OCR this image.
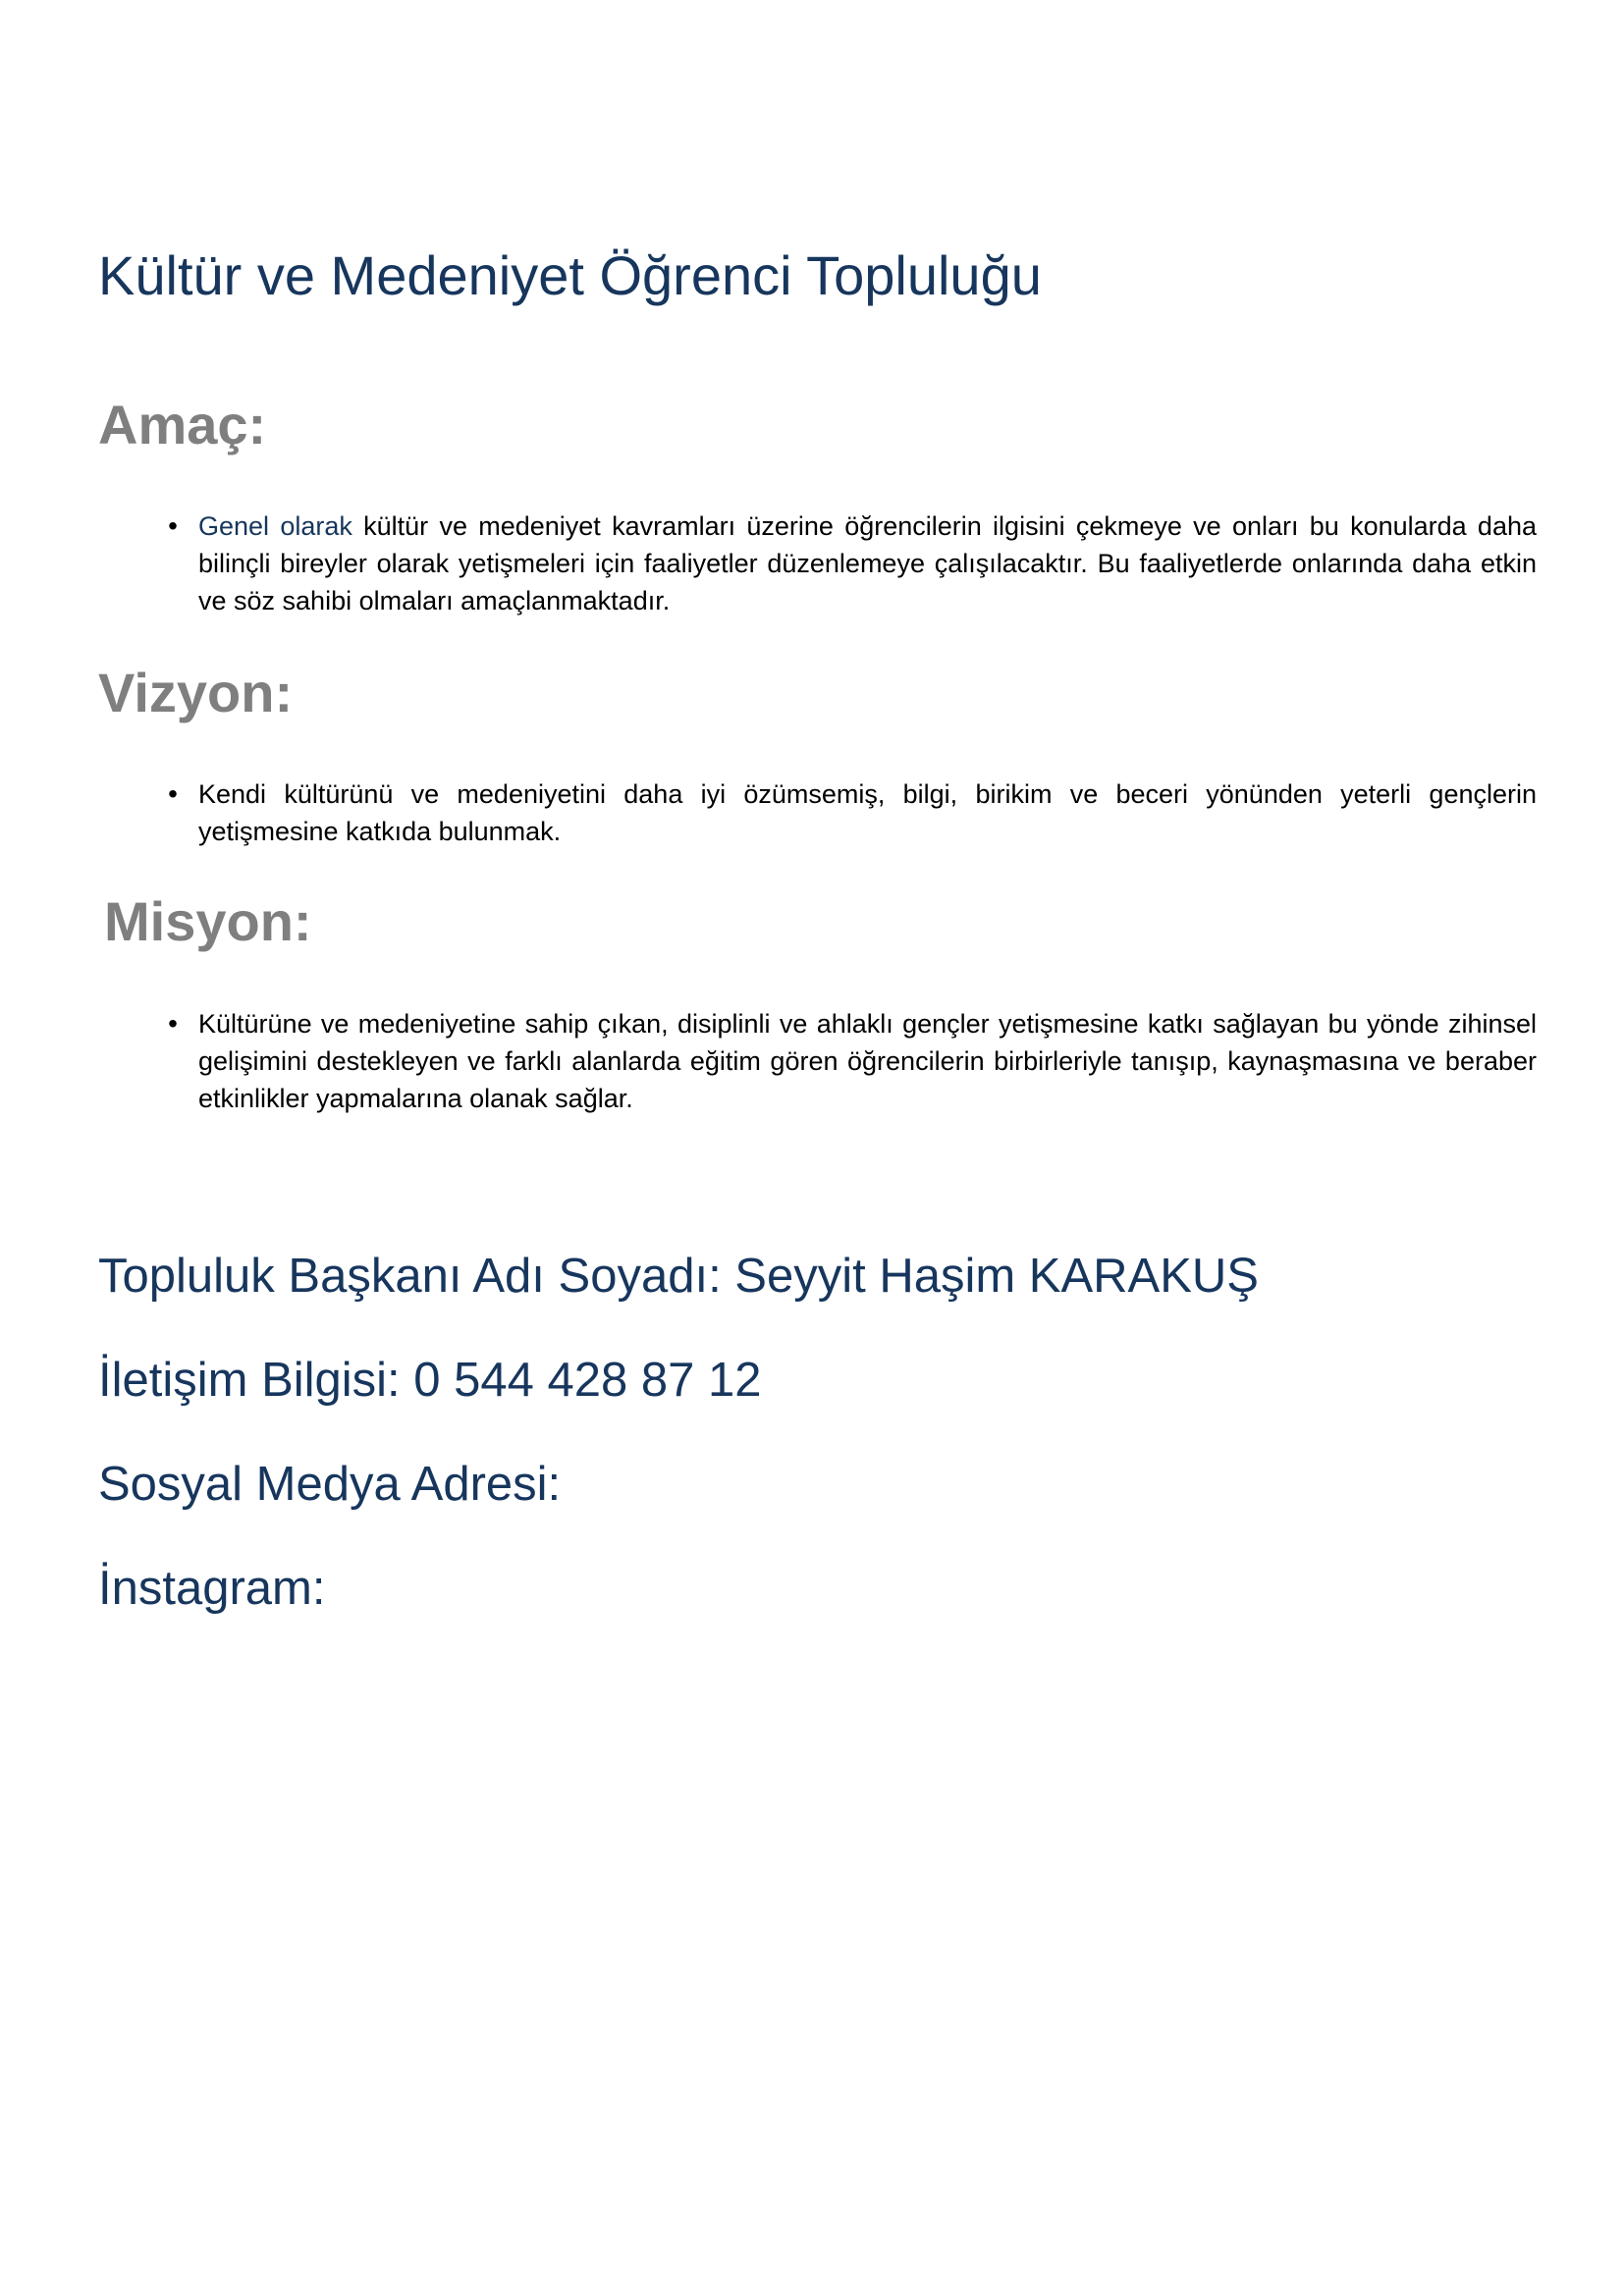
Kültür ve Medeniyet Öğrenci Topluluğu
Amaç:
• Genel olarak kültür ve medeniyet kavramları üzerine öğrencilerin ilgisini çekmeye ve onları bu konularda daha bilinçli bireyler olarak yetişmeleri için faaliyetler düzenlemeye çalışılacaktır. Bu faaliyetlerde onlarında daha etkin ve söz sahibi olmaları amaçlanmaktadır.

Vizyon:
• Kendi kültürünü ve medeniyetini daha iyi özümsemiş, bilgi, birikim ve beceri yönünden yeterli gençlerin yetişmesine katkıda bulunmak.

Misyon:
• Kültürüne ve medeniyetine sahip çıkan, disiplinli ve ahlaklı gençler yetişmesine katkı sağlayan bu yönde zihinsel gelişimini destekleyen ve farklı alanlarda eğitim gören öğrencilerin birbirleriyle tanışıp, kaynaşmasına ve beraber etkinlikler yapmalarına olanak sağlar.

Topluluk Başkanı Adı Soyadı: Seyyit Haşim KARAKUŞ

İletişim Bilgisi: 0 544 428 87 12

Sosyal Medya Adresi:

İnstagram:
